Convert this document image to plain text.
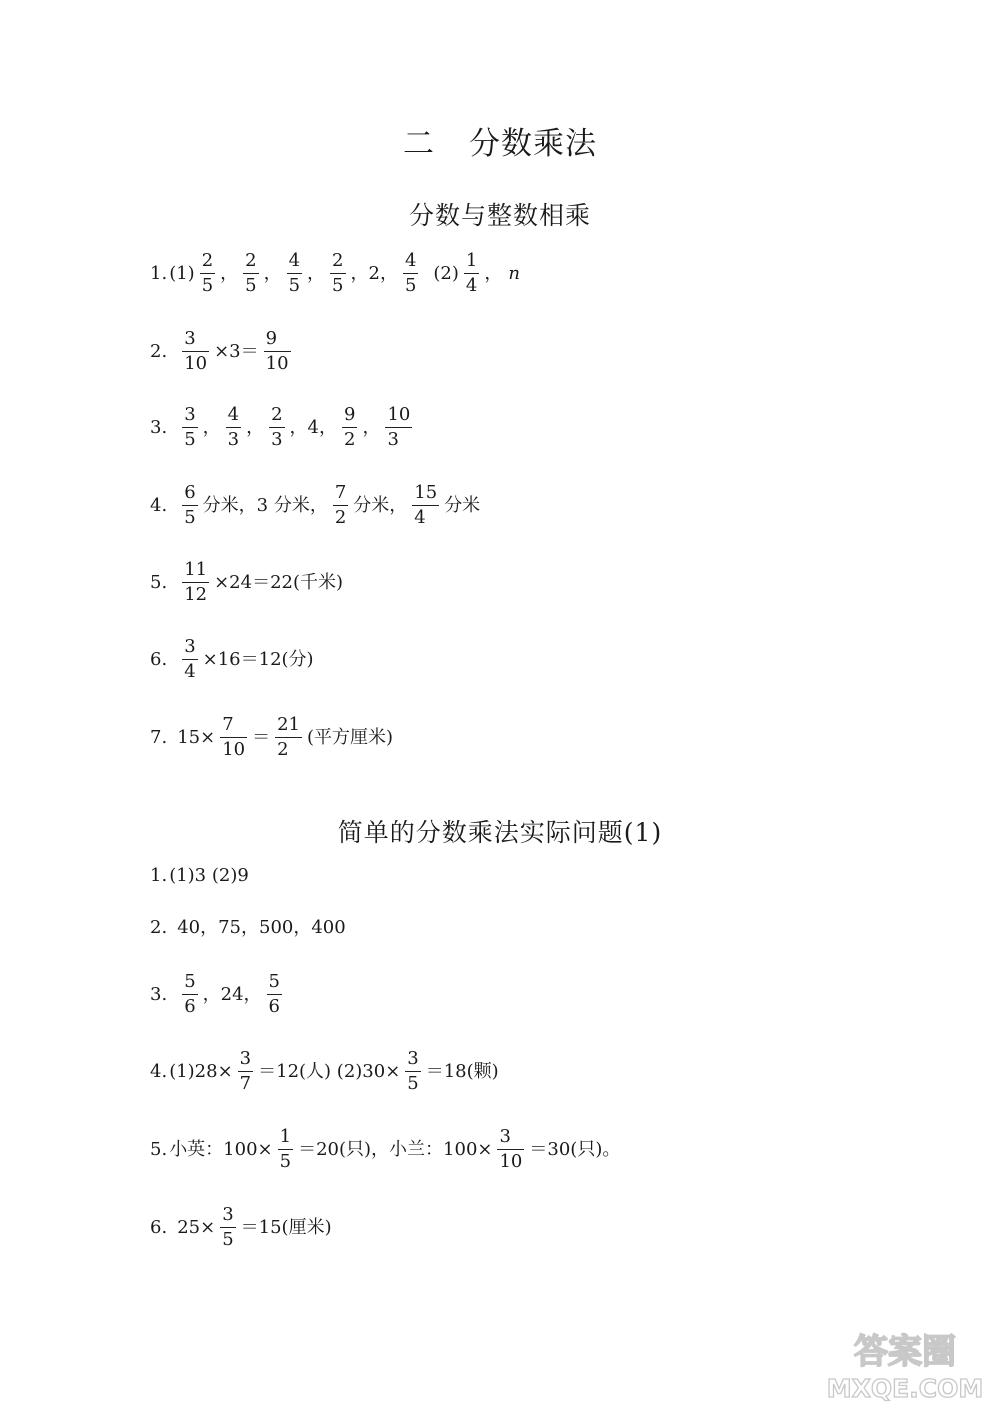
二 分数乘法
分数与整数相乘
1. $(1) \frac{2}{5}$ ， $\frac{2}{5}$ ， $\frac{4}{5}$ ， $\frac{2}{5}$ ，2， $\frac{4}{5} (2) \frac{1}{4}$ ， n
2. $\frac{3}{10} \times 3= \frac{9}{10}$
3. $\frac{3}{5}$ ， $\frac{4}{3}$ ， $\frac{2}{3}$ ，4， $\frac{9}{2}$ ， $\frac{10}{3}$
4. $\frac{6}{5}$ 分米，3 分米， $\frac{7}{2}$ 分米， $\frac{15}{4}$ 分米
5. $\frac{11}{12} \times 24=22$(千米)
6. $\frac{3}{4} \times 16=12$(分)
7. $15\times \frac{7}{10} = \frac{21}{2}$ (平方厘米)
简单的分数乘法实际问题(1)
1. (1)3 (2)9
2. 40，75，500，400
3. $\frac{5}{6}$ ，24， $\frac{5}{6}$
4. $(1)28\times \frac{3}{7} =12$(人) $(2)30\times \frac{3}{5} =18$(颗)
5. 小英：$100\times \frac{1}{5} =20$(只)，小兰：$100\times \frac{3}{10} =30$(只)。
6. $25\times \frac{3}{5} =15$(厘米)
答案圈
MXQE.COM
